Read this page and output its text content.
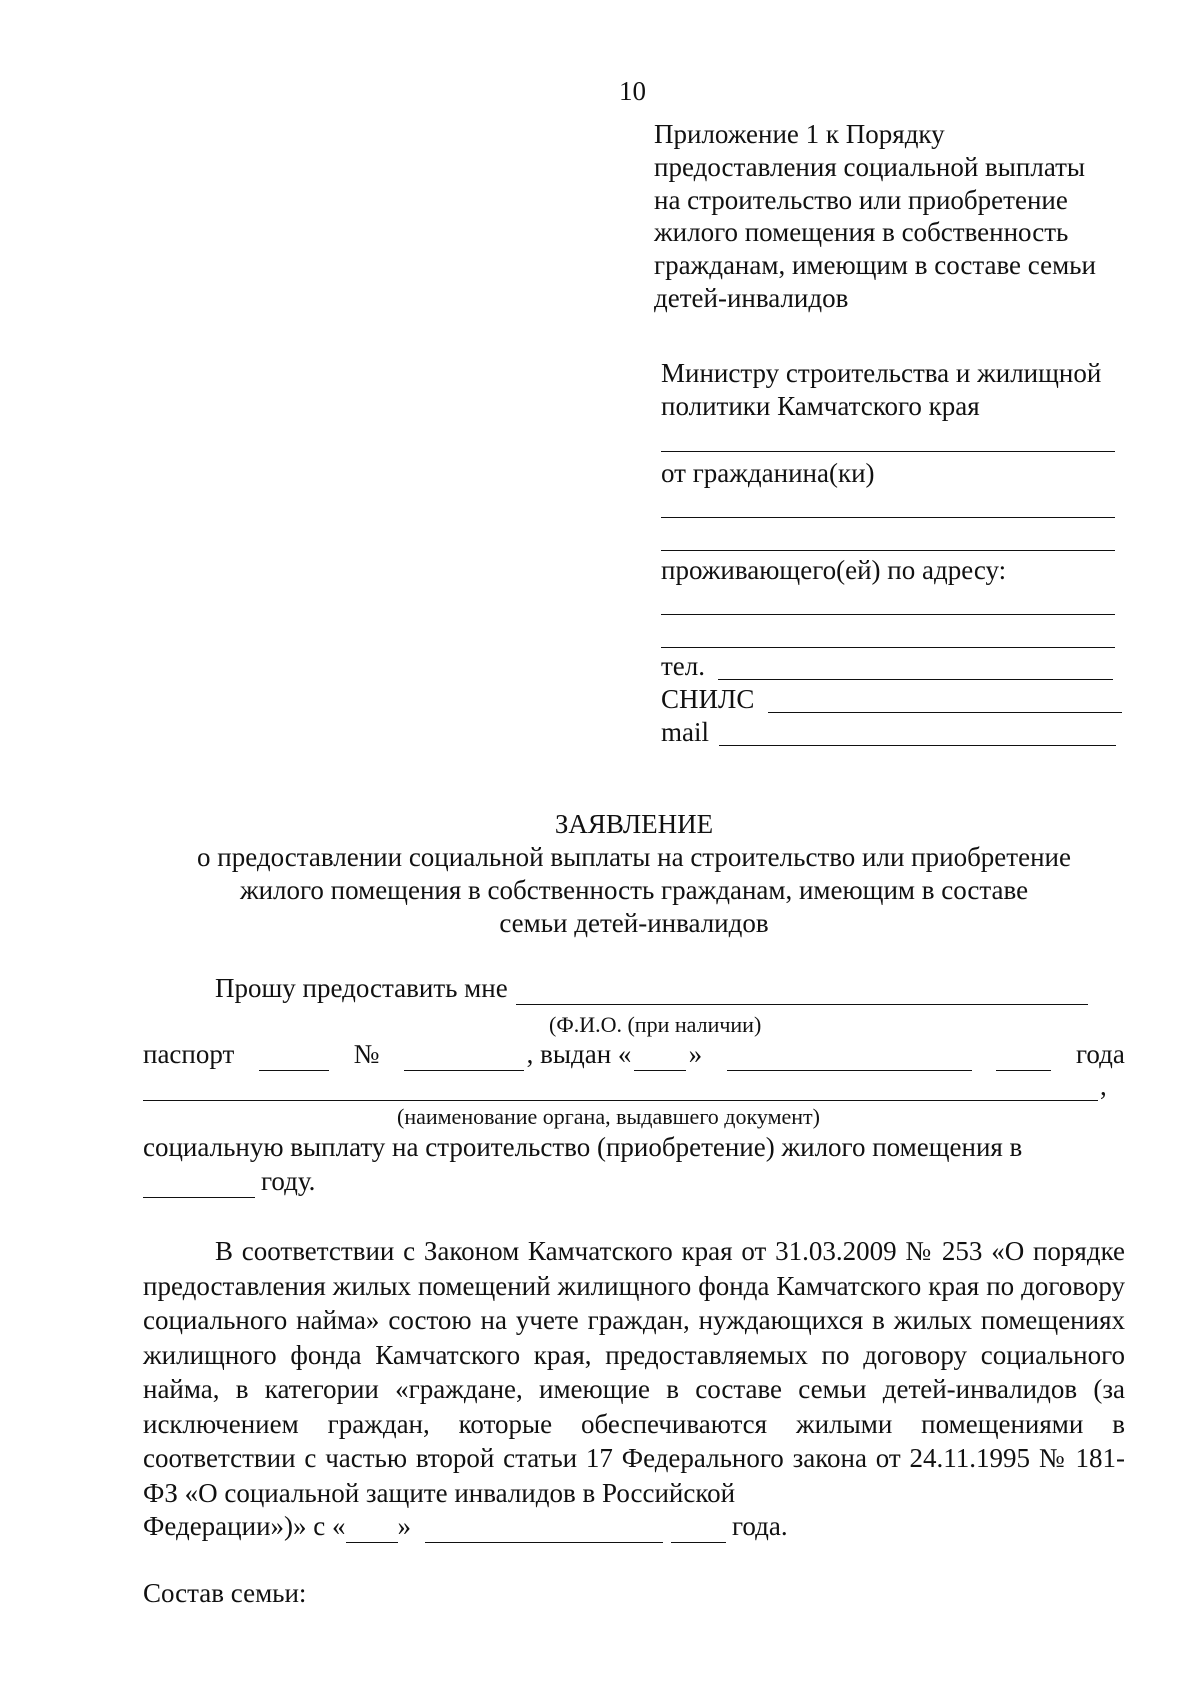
10
Приложение 1 к Порядку
предоставления социальной выплаты
на строительство или приобретение
жилого помещения в собственность
гражданам, имеющим в составе семьи
детей-инвалидов
Министру строительства и жилищной
политики Камчатского края
от гражданина(ки)
проживающего(ей) по адресу:
тел.
СНИЛС
mail
ЗАЯВЛЕНИЕ
о предоставлении социальной выплаты на строительство или приобретение
жилого помещения в собственность гражданам, имеющим в составе
семьи детей-инвалидов
Прошу предоставить мне
(Ф.И.О. (при наличии)
паспорт	№	, выдан « »	года
,
(наименование органа, выдавшего документ)
социальную выплату на строительство (приобретение) жилого помещения в
году.
В соответствии с Законом Камчатского края от 31.03.2009 № 253 «О порядке предоставления жилых помещений жилищного фонда Камчатского края по договору социального найма» состою на учете граждан, нуждающихся в жилых помещениях жилищного фонда Камчатского края, предоставляемых по договору социального найма, в категории «граждане, имеющие в составе семьи детей-инвалидов (за исключением граждан, которые обеспечиваются жилыми помещениями в соответствии с частью второй статьи 17 Федерального закона от 24.11.1995 № 181-ФЗ «О социальной защите инвалидов в Российской
Федерации»)» с « »	года.
Состав семьи:
